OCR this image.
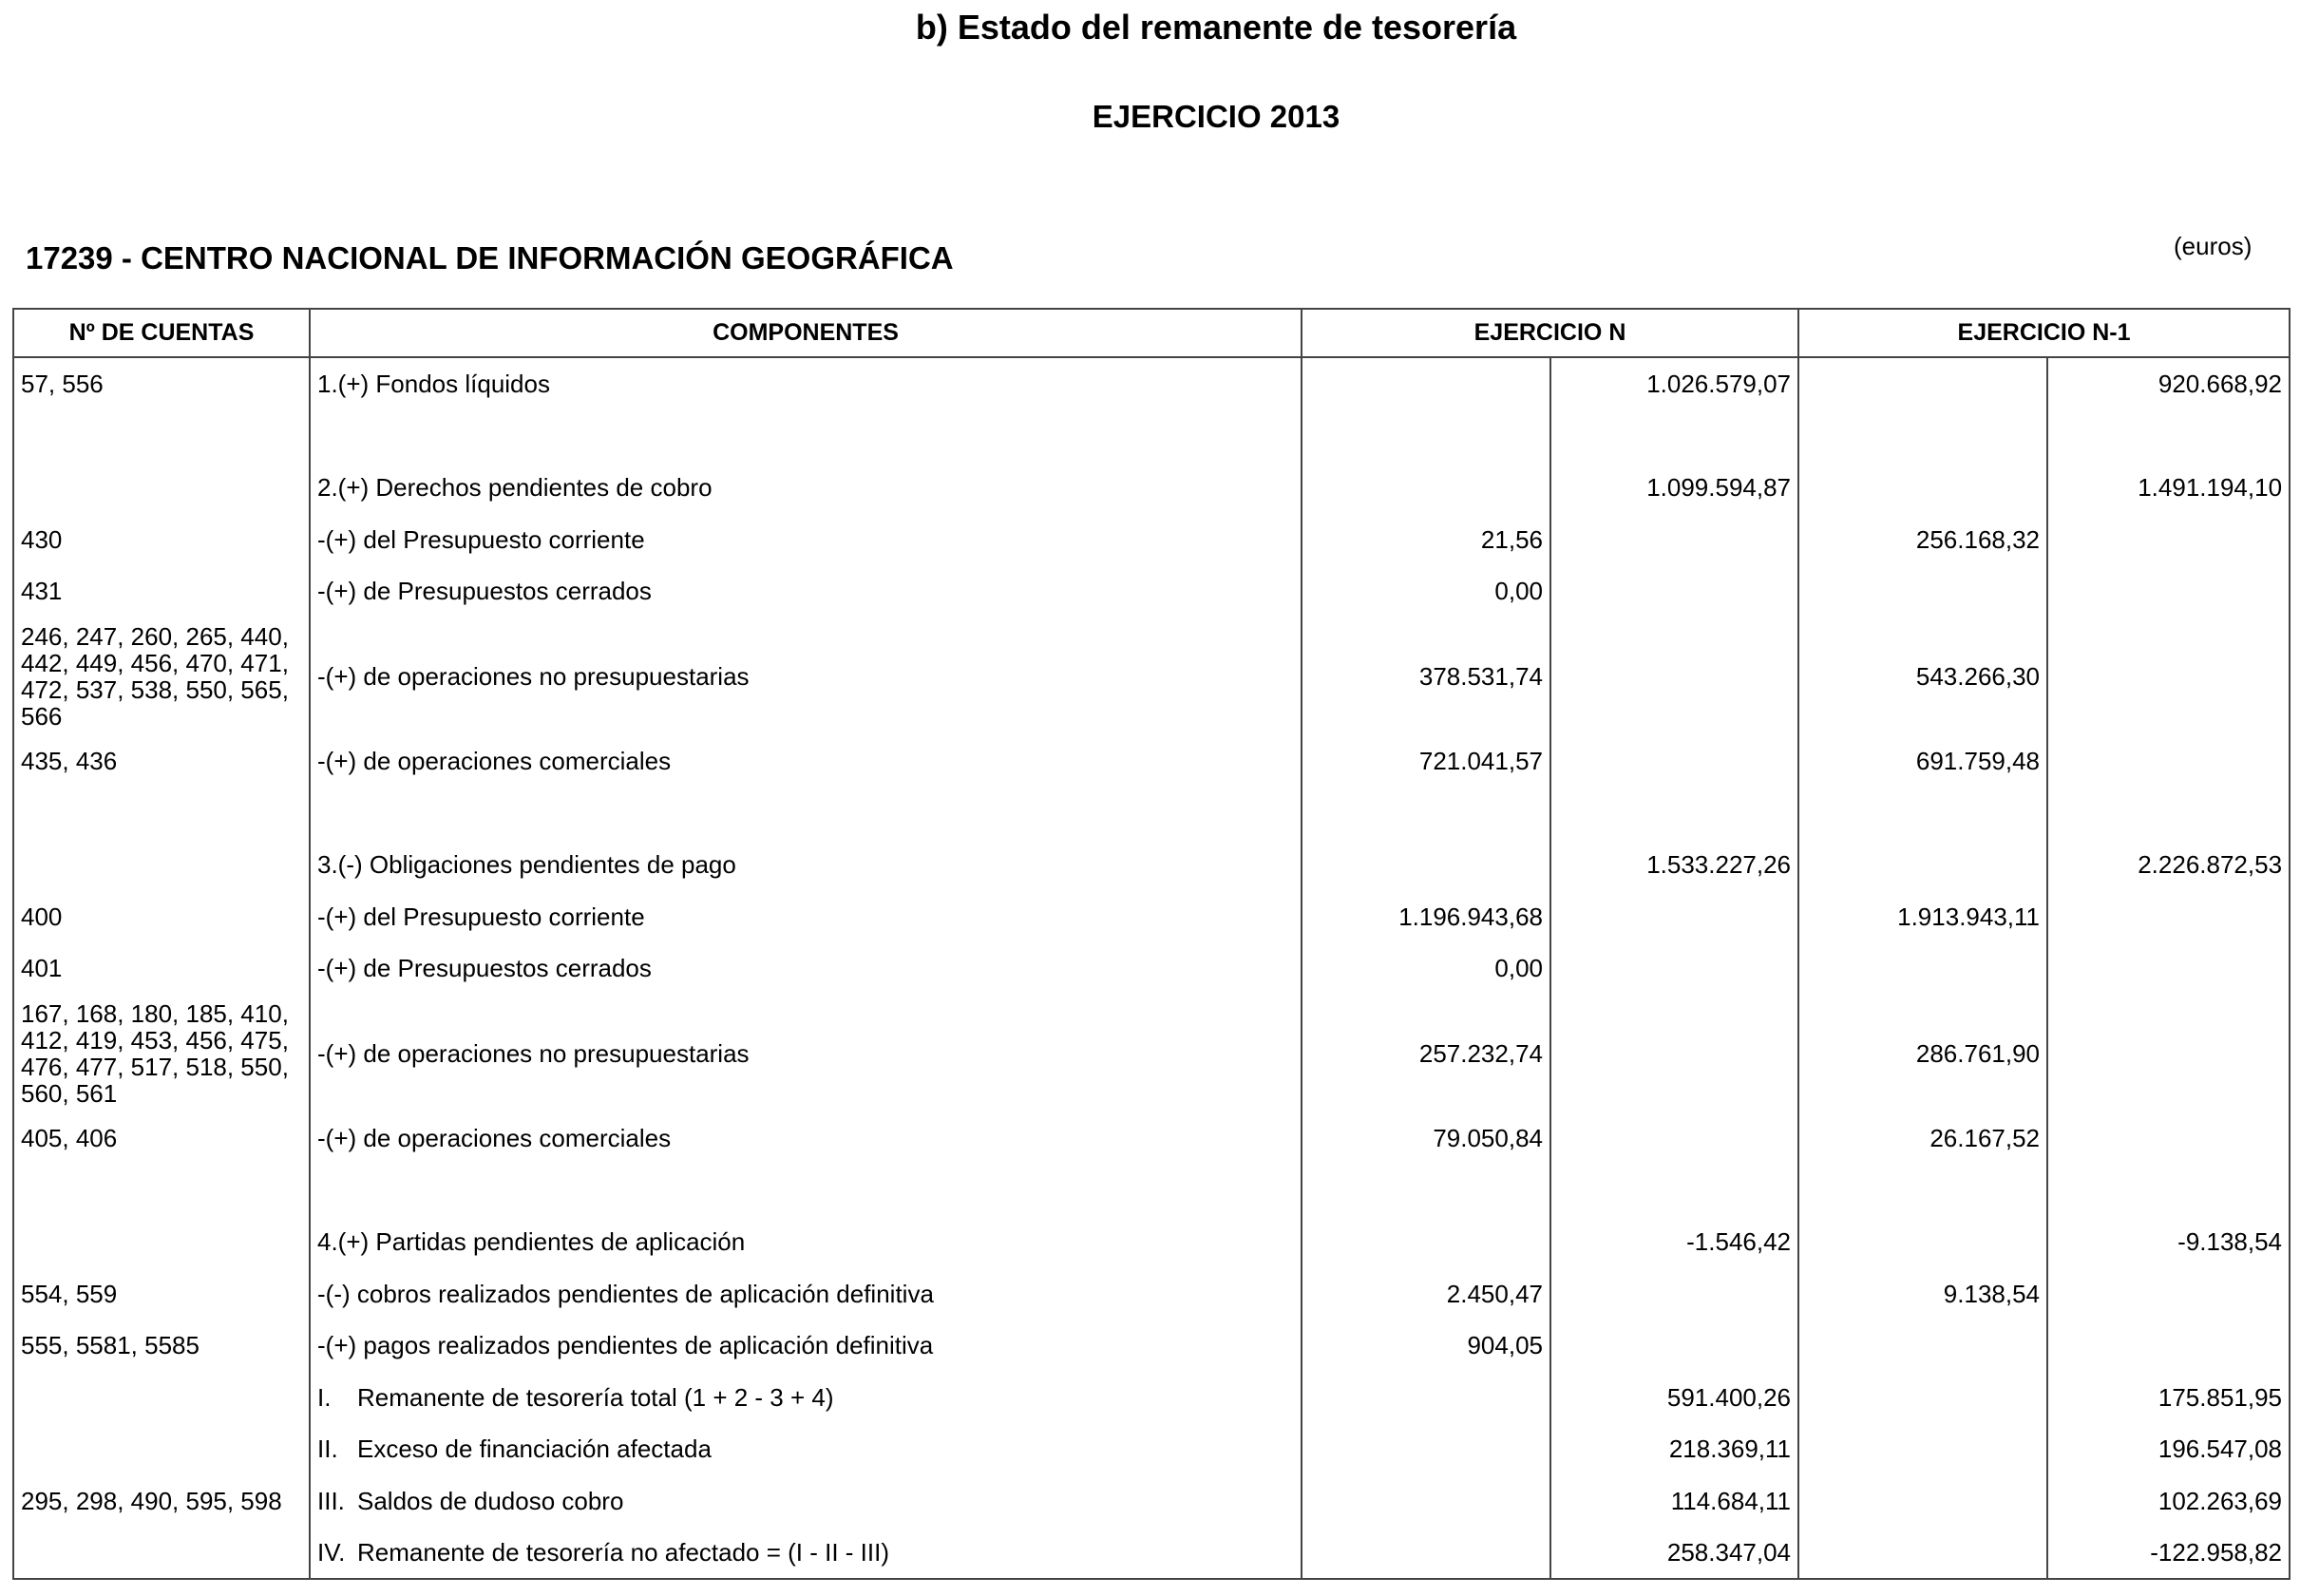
b) Estado del remanente de tesorería
EJERCICIO 2013
17239 - CENTRO NACIONAL DE INFORMACIÓN GEOGRÁFICA	(euros)
Nº DE CUENTAS	COMPONENTES	EJERCICIO N		EJERCICIO N-1	
57, 556	1.(+) Fondos líquidos		1.026.579,07		920.668,92

	2.(+) Derechos pendientes de cobro		1.099.594,87		1.491.194,10
430	-(+) del Presupuesto corriente	21,56		256.168,32	
431	-(+) de Presupuestos cerrados	0,00			
246, 247, 260, 265, 440, 442, 449, 456, 470, 471, 472, 537, 538, 550, 565, 566	-(+) de operaciones no presupuestarias	378.531,74		543.266,30	
435, 436	-(+) de operaciones comerciales	721.041,57		691.759,48	

	3.(-) Obligaciones pendientes de pago		1.533.227,26		2.226.872,53
400	-(+) del Presupuesto corriente	1.196.943,68		1.913.943,11	
401	-(+) de Presupuestos cerrados	0,00			
167, 168, 180, 185, 410, 412, 419, 453, 456, 475, 476, 477, 517, 518, 550, 560, 561	-(+) de operaciones no presupuestarias	257.232,74		286.761,90	
405, 406	-(+) de operaciones comerciales	79.050,84		26.167,52	

	4.(+) Partidas pendientes de aplicación		-1.546,42		-9.138,54
554, 559	-(-) cobros realizados pendientes de aplicación definitiva	2.450,47		9.138,54	
555, 5581, 5585	-(+) pagos realizados pendientes de aplicación definitiva	904,05			
	I. Remanente de tesorería total (1 + 2 - 3 + 4)		591.400,26		175.851,95
	II. Exceso de financiación afectada		218.369,11		196.547,08
295, 298, 490, 595, 598	III. Saldos de dudoso cobro		114.684,11		102.263,69
	IV. Remanente de tesorería no afectado = (I - II - III)		258.347,04		-122.958,82
